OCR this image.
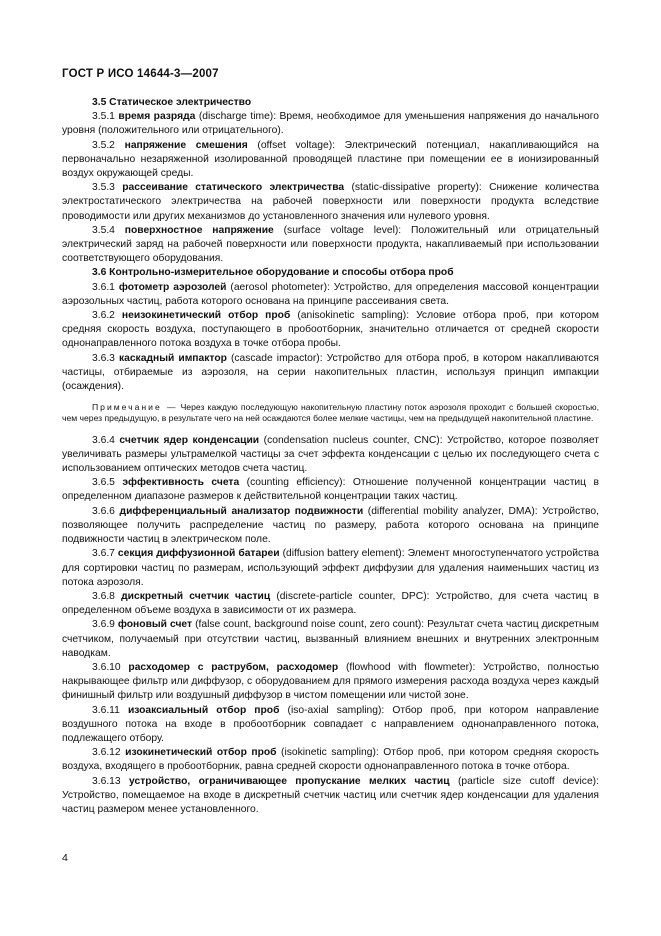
ГОСТ Р ИСО 14644-3—2007

3.5 Статическое электричество

3.5.1 время разряда (discharge time): Время, необходимое для уменьшения напряжения до начального уровня (положительного или отрицательного).

3.5.2 напряжение смешения (offset voltage): Электрический потенциал, накапливающийся на первоначально незаряженной изолированной проводящей пластине при помещении ее в ионизированный воздух окружающей среды.

3.5.3 рассеивание статического электричества (static-dissipative property): Снижение количества электростатического электричества на рабочей поверхности или поверхности продукта вследствие проводимости или других механизмов до установленного значения или нулевого уровня.

3.5.4 поверхностное напряжение (surface voltage level): Положительный или отрицательный электрический заряд на рабочей поверхности или поверхности продукта, накапливаемый при использовании соответствующего оборудования.

3.6 Контрольно-измерительное оборудование и способы отбора проб

3.6.1 фотометр аэрозолей (aerosol photometer): Устройство, для определения массовой концентрации аэрозольных частиц, работа которого основана на принципе рассеивания света.

3.6.2 неизокинетический отбор проб (anisokinetic sampling): Условие отбора проб, при котором средняя скорость воздуха, поступающего в пробоотборник, значительно отличается от средней скорости однонаправленного потока воздуха в точке отбора пробы.

3.6.3 каскадный импактор (cascade impactor): Устройство для отбора проб, в котором накапливаются частицы, отбираемые из аэрозоля, на серии накопительных пластин, используя принцип импакции (осаждения).

Примечание — Через каждую последующую накопительную пластину поток аэрозоля проходит с большей скоростью, чем через предыдущую, в результате чего на ней осаждаются более мелкие частицы, чем на предыдущей накопительной пластине.

3.6.4 счетчик ядер конденсации (condensation nucleus counter, CNC): Устройство, которое позволяет увеличивать размеры ультрамелкой частицы за счет эффекта конденсации с целью их последующего счета с использованием оптических методов счета частиц.

3.6.5 эффективность счета (counting efficiency): Отношение полученной концентрации частиц в определенном диапазоне размеров к действительной концентрации таких частиц.

3.6.6 дифференциальный анализатор подвижности (differential mobility analyzer, DMA): Устройство, позволяющее получить распределение частиц по размеру, работа которого основана на принципе подвижности частиц в электрическом поле.

3.6.7 секция диффузионной батареи (diffusion battery element): Элемент многоступенчатого устройства для сортировки частиц по размерам, использующий эффект диффузии для удаления наименьших частиц из потока аэрозоля.

3.6.8 дискретный счетчик частиц (discrete-particle counter, DPC): Устройство, для счета частиц в определенном объеме воздуха в зависимости от их размера.

3.6.9 фоновый счет (false count, background noise count, zero count): Результат счета частиц дискретным счетчиком, получаемый при отсутствии частиц, вызванный влиянием внешних и внутренних электронным наводкам.

3.6.10 расходомер с раструбом, расходомер (flowhood with flowmeter): Устройство, полностью накрывающее фильтр или диффузор, с оборудованием для прямого измерения расхода воздуха через каждый финишный фильтр или воздушный диффузор в чистом помещении или чистой зоне.

3.6.11 изоаксиальный отбор проб (iso-axial sampling): Отбор проб, при котором направление воздушного потока на входе в пробоотборник совпадает с направлением однонаправленного потока, подлежащего отбору.

3.6.12 изокинетический отбор проб (isokinetic sampling): Отбор проб, при котором средняя скорость воздуха, входящего в пробоотборник, равна средней скорости однонаправленного потока в точке отбора.

3.6.13 устройство, ограничивающее пропускание мелких частиц (particle size cutoff device): Устройство, помещаемое на входе в дискретный счетчик частиц или счетчик ядер конденсации для удаления частиц размером менее установленного.

4
